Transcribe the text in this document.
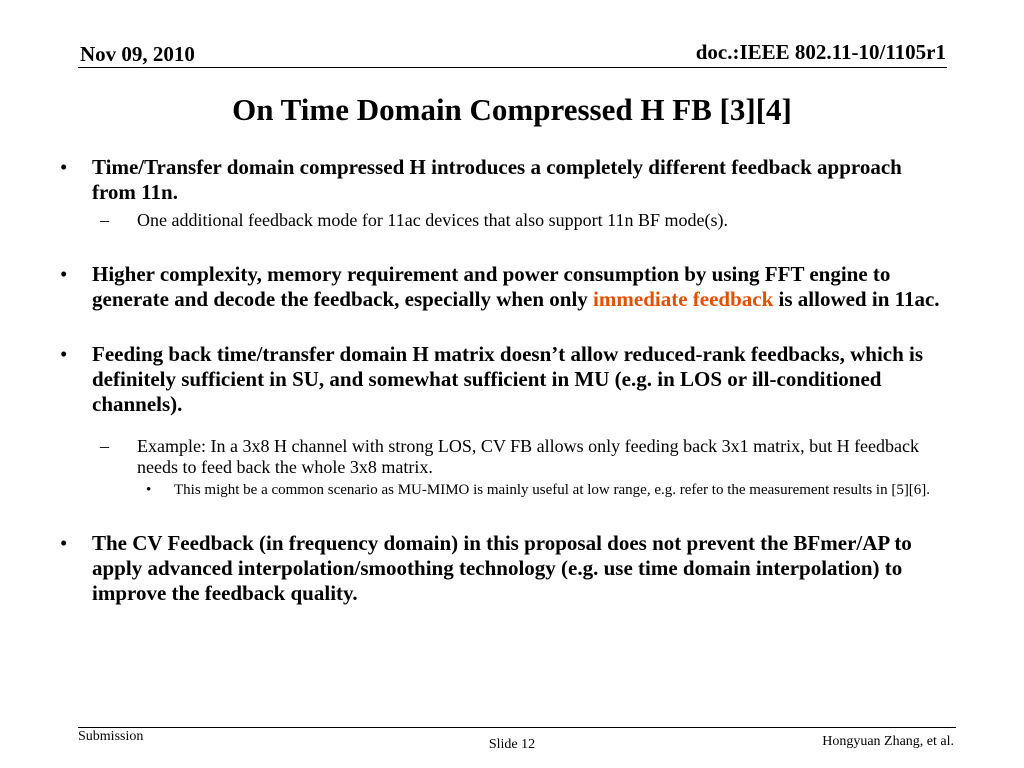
Nov 09, 2010	doc.:IEEE 802.11-10/1105r1
On Time Domain Compressed H FB [3][4]
•	Time/Transfer domain compressed H introduces a completely different feedback approach from 11n.
–	One additional feedback mode for 11ac devices that also support 11n BF mode(s).
•	Higher complexity, memory requirement and power consumption by using FFT engine to generate and decode the feedback, especially when only immediate feedback is allowed in 11ac.
•	Feeding back time/transfer domain H matrix doesn’t allow reduced-rank feedbacks, which is definitely sufficient in SU, and somewhat sufficient in MU (e.g. in LOS or ill-conditioned channels).
–	Example: In a 3x8 H channel with strong LOS, CV FB allows only feeding back 3x1 matrix, but H feedback needs to feed back the whole 3x8 matrix.
•	This might be a common scenario as MU-MIMO is mainly useful at low range, e.g. refer to the measurement results in [5][6].
•	The CV Feedback (in frequency domain) in this proposal does not prevent the BFmer/AP to apply advanced interpolation/smoothing technology (e.g. use time domain interpolation) to improve the feedback quality.
Submission
Slide 12	Hongyuan Zhang, et al.
